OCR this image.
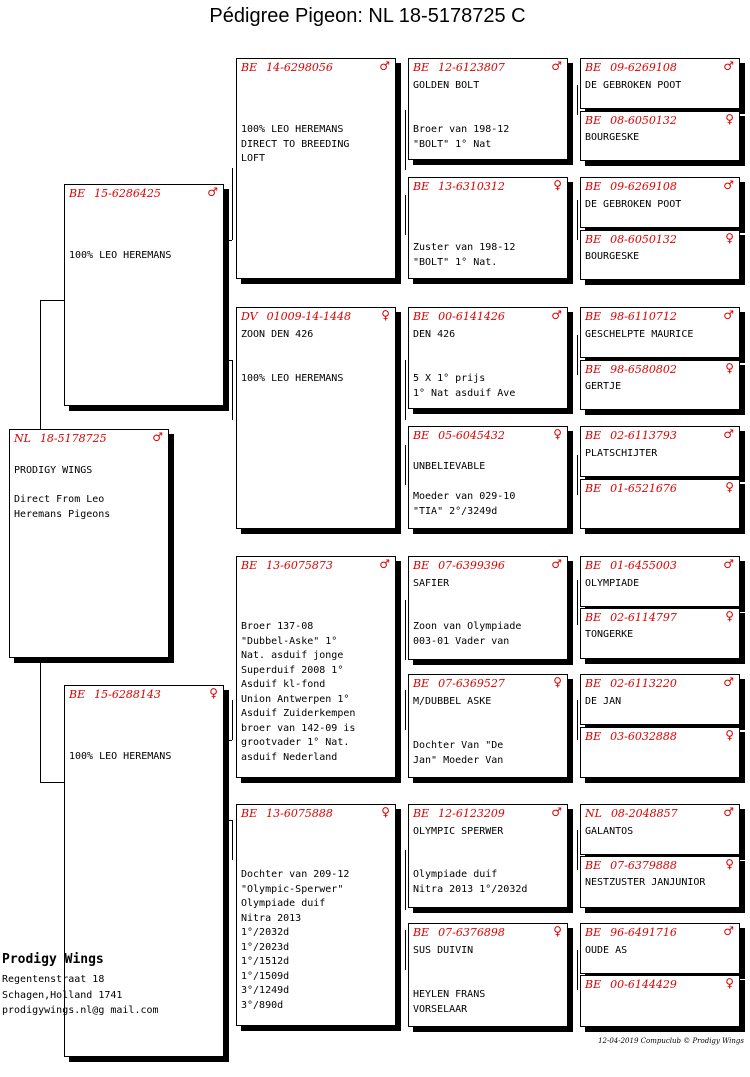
Pédigree Pigeon: NL 18-5178725 C
NL 18-5178725	♂
PRODIGY WINGS

Direct From Leo
Heremans Pigeons
BE 15-6286425	♂
100% LEO HEREMANS
BE 15-6288143	♀
100% LEO HEREMANS
BE 14-6298056	♂
100% LEO HEREMANS
DIRECT TO BREEDING
LOFT
DV 01009-14-1448	♀
ZOON DEN 426
100% LEO HEREMANS
BE 13-6075873	♂
Broer 137-08
"Dubbel-Aske" 1°
Nat. asduif jonge
Superduif 2008 1°
Asduif kl-fond
Union Antwerpen 1°
Asduif Zuiderkempen
broer van 142-09 is
grootvader 1° Nat.
asduif Nederland
BE 13-6075888	♀
Dochter van 209-12
"Olympic-Sperwer"
Olympiade duif
Nitra 2013
1°/2032d
1°/2023d
1°/1512d
1°/1509d
3°/1249d
3°/890d
BE 12-6123807	♂
GOLDEN BOLT
Broer van 198-12
"BOLT" 1° Nat
BE 13-6310312	♀
Zuster van 198-12
"BOLT" 1° Nat.
BE 00-6141426	♂
DEN 426
5 X 1° prijs
1° Nat asduif Ave
BE 05-6045432	♀
UNBELIEVABLE
Moeder van 029-10
"TIA" 2°/3249d
BE 07-6399396	♂
SAFIER
Zoon van Olympiade
003-01 Vader van
BE 07-6369527	♀
M/DUBBEL ASKE
Dochter Van "De
Jan" Moeder Van
BE 12-6123209	♂
OLYMPIC SPERWER
Olympiade duif
Nitra 2013 1°/2032d
BE 07-6376898	♀
SUS DUIVIN
HEYLEN FRANS
VORSELAAR
BE 09-6269108	♂
DE GEBROKEN POOT
BE 08-6050132	♀
BOURGESKE
BE 09-6269108	♂
DE GEBROKEN POOT
BE 08-6050132	♀
BOURGESKE
BE 98-6110712	♂
GESCHELPTE MAURICE
BE 98-6580802	♀
GERTJE
BE 02-6113793	♂
PLATSCHIJTER
BE 01-6521676	♀
BE 01-6455003	♂
OLYMPIADE
BE 02-6114797	♀
TONGERKE
BE 02-6113220	♂
DE JAN
BE 03-6032888	♀
NL 08-2048857	♂
GALANTOS
BE 07-6379888	♀
NESTZUSTER JANJUNIOR
BE 96-6491716	♂
OUDE AS
BE 00-6144429	♀
Prodigy Wings
Regentenstraat 18
Schagen,Holland 1741
prodigywings.nl@g mail.com
12-04-2019 Compuclub © Prodigy Wings
